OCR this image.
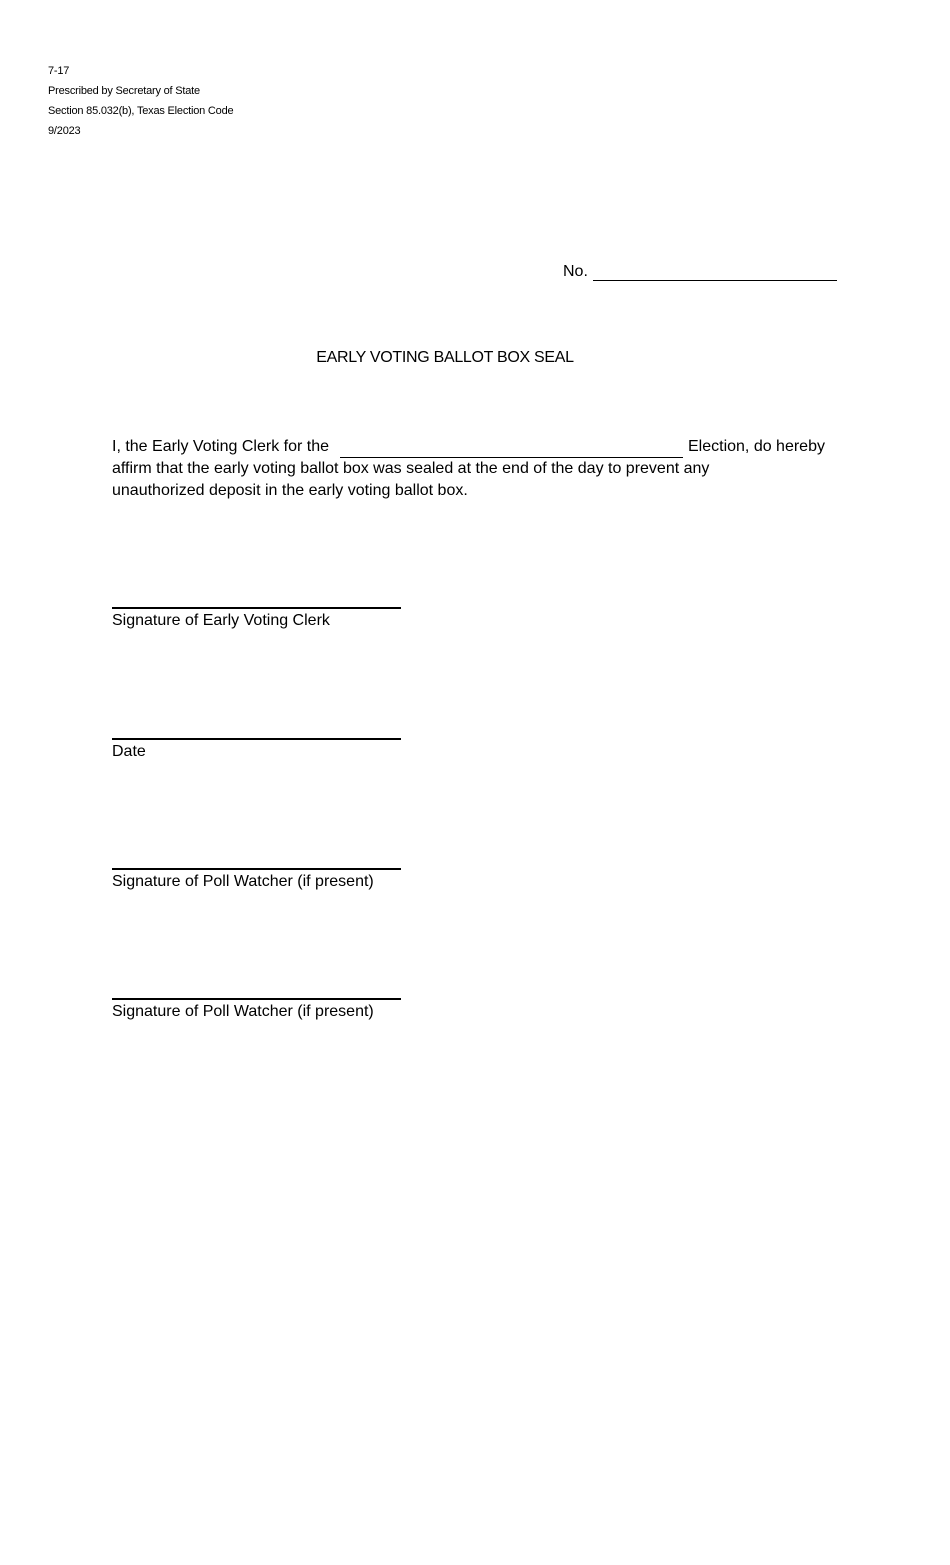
7-17
Prescribed by Secretary of State
Section 85.032(b), Texas Election Code
9/2023
No.
EARLY VOTING BALLOT BOX SEAL
I, the Early Voting Clerk for the	Election, do hereby
affirm that the early voting ballot box was sealed at the end of the day to prevent any
unauthorized deposit in the early voting ballot box.
Signature of Early Voting Clerk
Date
Signature of Poll Watcher (if present)
Signature of Poll Watcher (if present)
